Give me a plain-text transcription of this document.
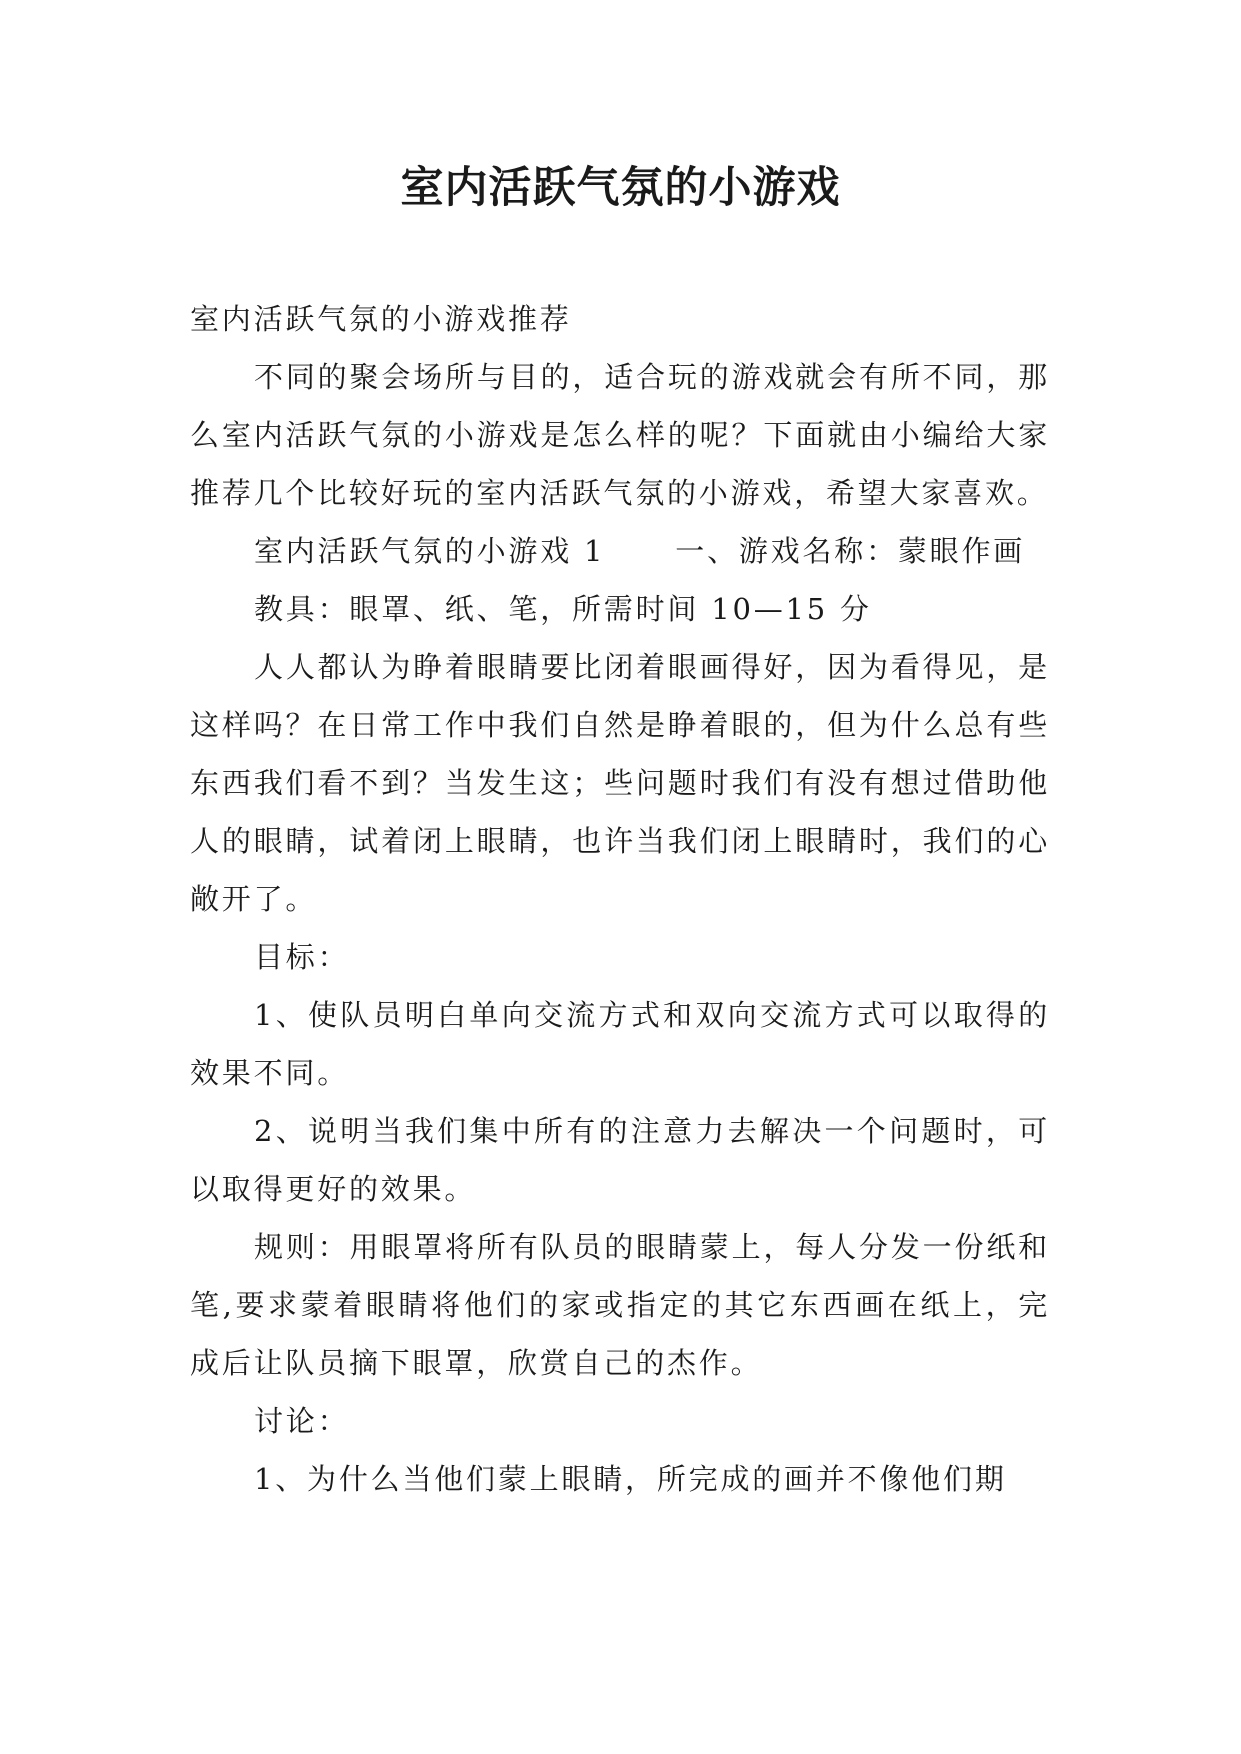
室内活跃气氛的小游戏

室内活跃气氛的小游戏推荐

不同的聚会场所与目的，适合玩的游戏就会有所不同，那么室内活跃气氛的小游戏是怎么样的呢？下面就由小编给大家推荐几个比较好玩的室内活跃气氛的小游戏，希望大家喜欢。

室内活跃气氛的小游戏 1 一、游戏名称：蒙眼作画

教具：眼罩、纸、笔，所需时间 10—15 分

人人都认为睁着眼睛要比闭着眼画得好，因为看得见，是这样吗？在日常工作中我们自然是睁着眼的，但为什么总有些东西我们看不到？当发生这；些问题时我们有没有想过借助他人的眼睛，试着闭上眼睛，也许当我们闭上眼睛时，我们的心敞开了。

目标：

1、使队员明白单向交流方式和双向交流方式可以取得的效果不同。

2、说明当我们集中所有的注意力去解决一个问题时，可以取得更好的效果。

规则：用眼罩将所有队员的眼睛蒙上，每人分发一份纸和笔,要求蒙着眼睛将他们的家或指定的其它东西画在纸上，完成后让队员摘下眼罩，欣赏自己的杰作。

讨论：

1、为什么当他们蒙上眼睛，所完成的画并不像他们期
